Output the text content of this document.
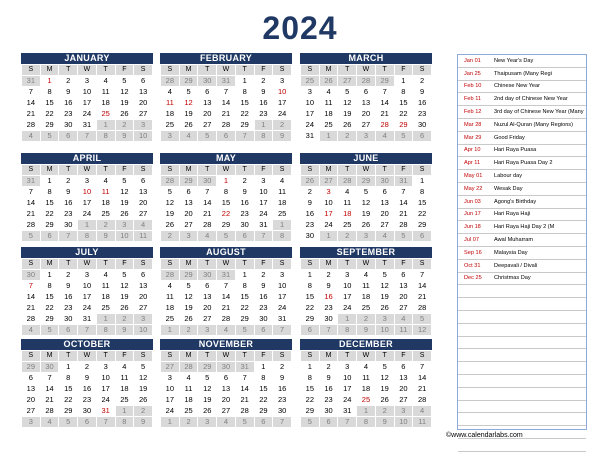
2024
JANUARY
S	M	T	W	T	F	S
31	1	2	3	4	5	6
7	8	9	10	11	12	13
14	15	16	17	18	19	20
21	22	23	24	25	26	27
28	29	30	31	1	2	3
4	5	6	7	8	9	10
FEBRUARY
S	M	T	W	T	F	S
28	29	30	31	1	2	3
4	5	6	7	8	9	10
11	12	13	14	15	16	17
18	19	20	21	22	23	24
25	26	27	28	29	1	2
3	4	5	6	7	8	9
MARCH
S	M	T	W	T	F	S
25	26	27	28	29	1	2
3	4	5	6	7	8	9
10	11	12	13	14	15	16
17	18	19	20	21	22	23
24	25	26	27	28	29	30
31	1	2	3	4	5	6
APRIL
S	M	T	W	T	F	S
31	1	2	3	4	5	6
7	8	9	10	11	12	13
14	15	16	17	18	19	20
21	22	23	24	25	26	27
28	29	30	1	2	3	4
5	6	7	8	9	10	11
MAY
S	M	T	W	T	F	S
28	29	30	1	2	3	4
5	6	7	8	9	10	11
12	13	14	15	16	17	18
19	20	21	22	23	24	25
26	27	28	29	30	31	1
2	3	4	5	6	7	8
JUNE
S	M	T	W	T	F	S
26	27	28	29	30	31	1
2	3	4	5	6	7	8
9	10	11	12	13	14	15
16	17	18	19	20	21	22
23	24	25	26	27	28	29
30	1	2	3	4	5	6
JULY
S	M	T	W	T	F	S
30	1	2	3	4	5	6
7	8	9	10	11	12	13
14	15	16	17	18	19	20
21	22	23	24	25	26	27
28	29	30	31	1	2	3
4	5	6	7	8	9	10
AUGUST
S	M	T	W	T	F	S
28	29	30	31	1	2	3
4	5	6	7	8	9	10
11	12	13	14	15	16	17
18	19	20	21	22	23	24
25	26	27	28	29	30	31
1	2	3	4	5	6	7
SEPTEMBER
S	M	T	W	T	F	S
1	2	3	4	5	6	7
8	9	10	11	12	13	14
15	16	17	18	19	20	21
22	23	24	25	26	27	28
29	30	1	2	3	4	5
6	7	8	9	10	11	12
OCTOBER
S	M	T	W	T	F	S
29	30	1	2	3	4	5
6	7	8	9	10	11	12
13	14	15	16	17	18	19
20	21	22	23	24	25	26
27	28	29	30	31	1	2
3	4	5	6	7	8	9
NOVEMBER
S	M	T	W	T	F	S
27	28	29	30	31	1	2
3	4	5	6	7	8	9
10	11	12	13	14	15	16
17	18	19	20	21	22	23
24	25	26	27	28	29	30
1	2	3	4	5	6	7
DECEMBER
S	M	T	W	T	F	S
1	2	3	4	5	6	7
8	9	10	11	12	13	14
15	16	17	18	19	20	21
22	23	24	25	26	27	28
29	30	31	1	2	3	4
5	6	7	8	9	10	11
Jan 01	New Year's Day
Jan 25	Thaipusam (Many Regi
Feb 10	Chinese New Year
Feb 11	2nd day of Chinese New Year
Feb 12	3rd day of Chinese New Year (Many
Mar 28	Nuzul Al-Quran (Many Regions)
Mar 29	Good Friday
Apr 10	Hari Raya Puasa
Apr 11	Hari Raya Puasa Day 2
May 01	Labour day
May 22	Wesak Day
Jun 03	Agong's Birthday
Jun 17	Hari Raya Haji
Jun 18	Hari Raya Haji Day 2 (M
Jul 07	Awal Muharram
Sep 16	Malaysia Day
Oct 31	Deepavali / Divali
Dec 25	Christmas Day
©www.calendarlabs.com
